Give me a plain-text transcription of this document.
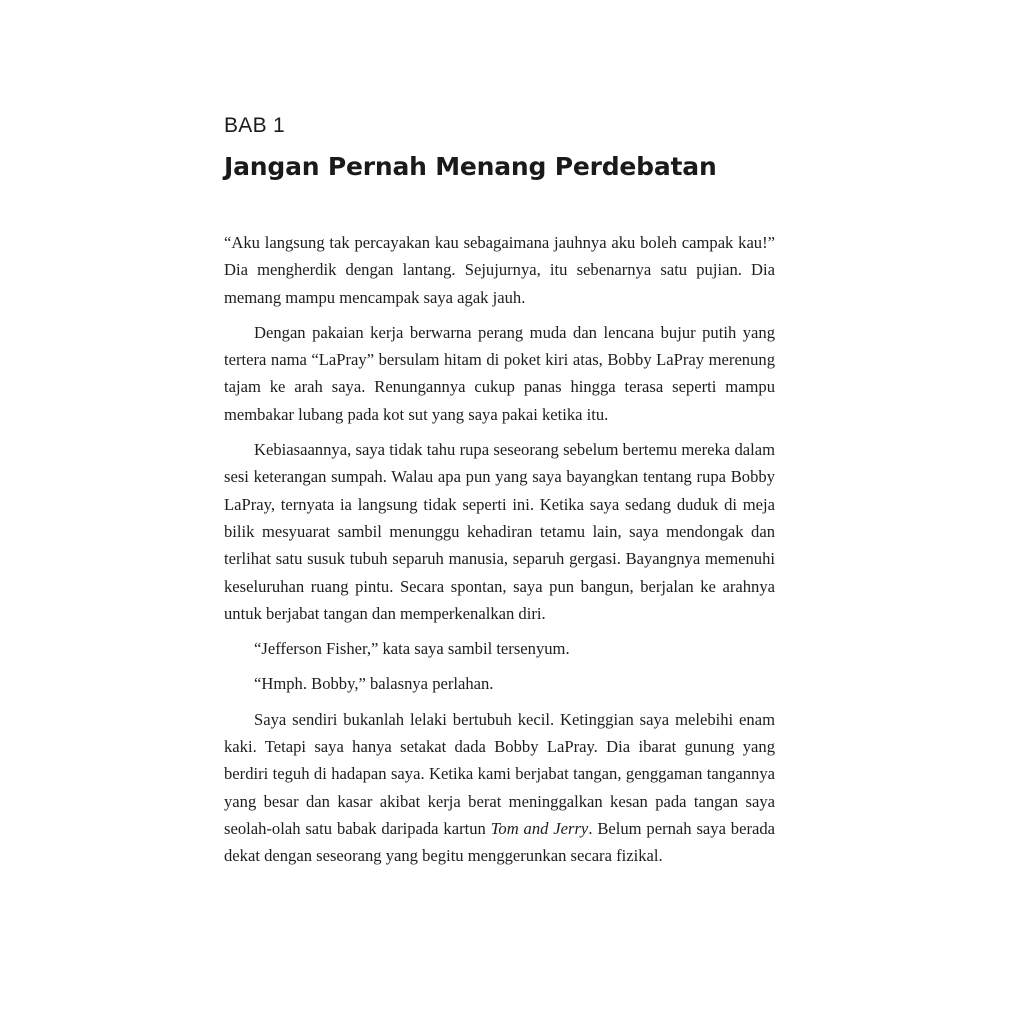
BAB 1
Jangan Pernah Menang Perdebatan

“Aku langsung tak percayakan kau sebagaimana jauhnya aku boleh campak kau!” Dia mengherdik dengan lantang. Sejujurnya, itu sebenarnya satu pujian. Dia memang mampu mencampak saya agak jauh.

Dengan pakaian kerja berwarna perang muda dan lencana bujur putih yang tertera nama “LaPray” bersulam hitam di poket kiri atas, Bobby LaPray merenung tajam ke arah saya. Renungannya cukup panas hingga terasa seperti mampu membakar lubang pada kot sut yang saya pakai ketika itu.

Kebiasaannya, saya tidak tahu rupa seseorang sebelum bertemu mereka dalam sesi keterangan sumpah. Walau apa pun yang saya bayangkan tentang rupa Bobby LaPray, ternyata ia langsung tidak seperti ini. Ketika saya sedang duduk di meja bilik mesyuarat sambil menunggu kehadiran tetamu lain, saya mendongak dan terlihat satu susuk tubuh separuh manusia, separuh gergasi. Bayangnya memenuhi keseluruhan ruang pintu. Secara spontan, saya pun bangun, berjalan ke arahnya untuk berjabat tangan dan memperkenalkan diri.

“Jefferson Fisher,” kata saya sambil tersenyum.

“Hmph. Bobby,” balasnya perlahan.

Saya sendiri bukanlah lelaki bertubuh kecil. Ketinggian saya melebihi enam kaki. Tetapi saya hanya setakat dada Bobby LaPray. Dia ibarat gunung yang berdiri teguh di hadapan saya. Ketika kami berjabat tangan, genggaman tangannya yang besar dan kasar akibat kerja berat meninggalkan kesan pada tangan saya seolah-olah satu babak daripada kartun Tom and Jerry. Belum pernah saya berada dekat dengan seseorang yang begitu menggerunkan secara fizikal.
